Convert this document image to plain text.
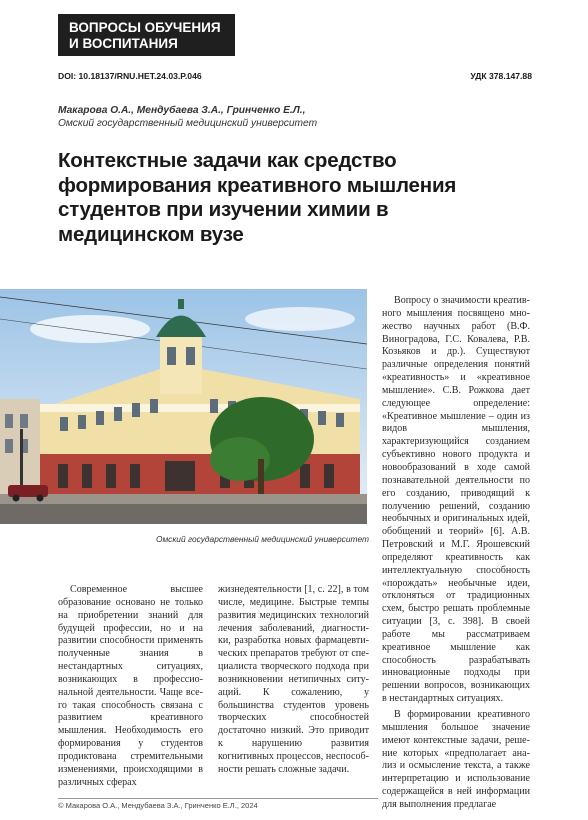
ВОПРОСЫ ОБУЧЕНИЯ
И ВОСПИТАНИЯ
DOI: 10.18137/RNU.HET.24.03.P.046	УДК 378.147.88
Макарова О.А., Мендубаева З.А., Гринченко Е.Л.,
Омский государственный медицинский университет
Контекстные задачи как средство формирования креативного мышления студентов при изучении химии в медицинском вузе
Омский государственный медицинский университет

Современное высшее образование основано не только на приобретении знаний для будущей профессии, но и на развитии способности применять полученные знания в нестандартных ситуациях, возникающих в профессиональной деятельности. Чаще всего такая способность связана с развитием креативного мышления. Необходимость его формирования у студентов продиктована стремительными изменениями, происходящими в различных сферах

жизнедеятельности [1, с. 22], в том числе, медицине. Быстрые темпы развития медицинских технологий лечения заболеваний, диагностики, разработка новых фармацевтических препаратов требуют от специалиста творческого подхода при возникновении нетипичных ситуаций. К сожалению, у большинства студентов уровень творческих способностей достаточно низкий. Это приводит к нарушению развития когнитивных процессов, неспособности решать сложные задачи.

Вопросу о значимости креативного мышления посвящено множество научных работ (В.Ф. Виноградова, Г.С. Ковалева, Р.В. Козьяков и др.). Существуют различные определения понятий «креативность» и «креативное мышление». С.В. Рожкова дает следующее определение: «Креативное мышление – один из видов мышления, характеризующийся созданием субъективно нового продукта и новообразований в ходе самой познавательной деятельности по его созданию, приводящий к получению решений, созданию необычных и оригинальных идей, обобщений и теорий» [6]. А.В. Петровский и М.Г. Ярошевский определяют креативность как интеллектуальную способность «порождать» необычные идеи, отклоняться от традиционных схем, быстро решать проблемные ситуации [3, с. 398]. В своей работе мы рассматриваем креативное мышление как способность разрабатывать инновационные подходы при решении вопросов, возникающих в нестандартных ситуациях.

В формировании креативного мышления большое значение имеют контекстные задачи, решение которых «предполагает анализ и осмысление текста, а также интерпретацию и использование содержащейся в ней информации для выполнения предлагае

© Макарова О.А., Мендубаева З.А., Гринченко Е.Л., 2024
